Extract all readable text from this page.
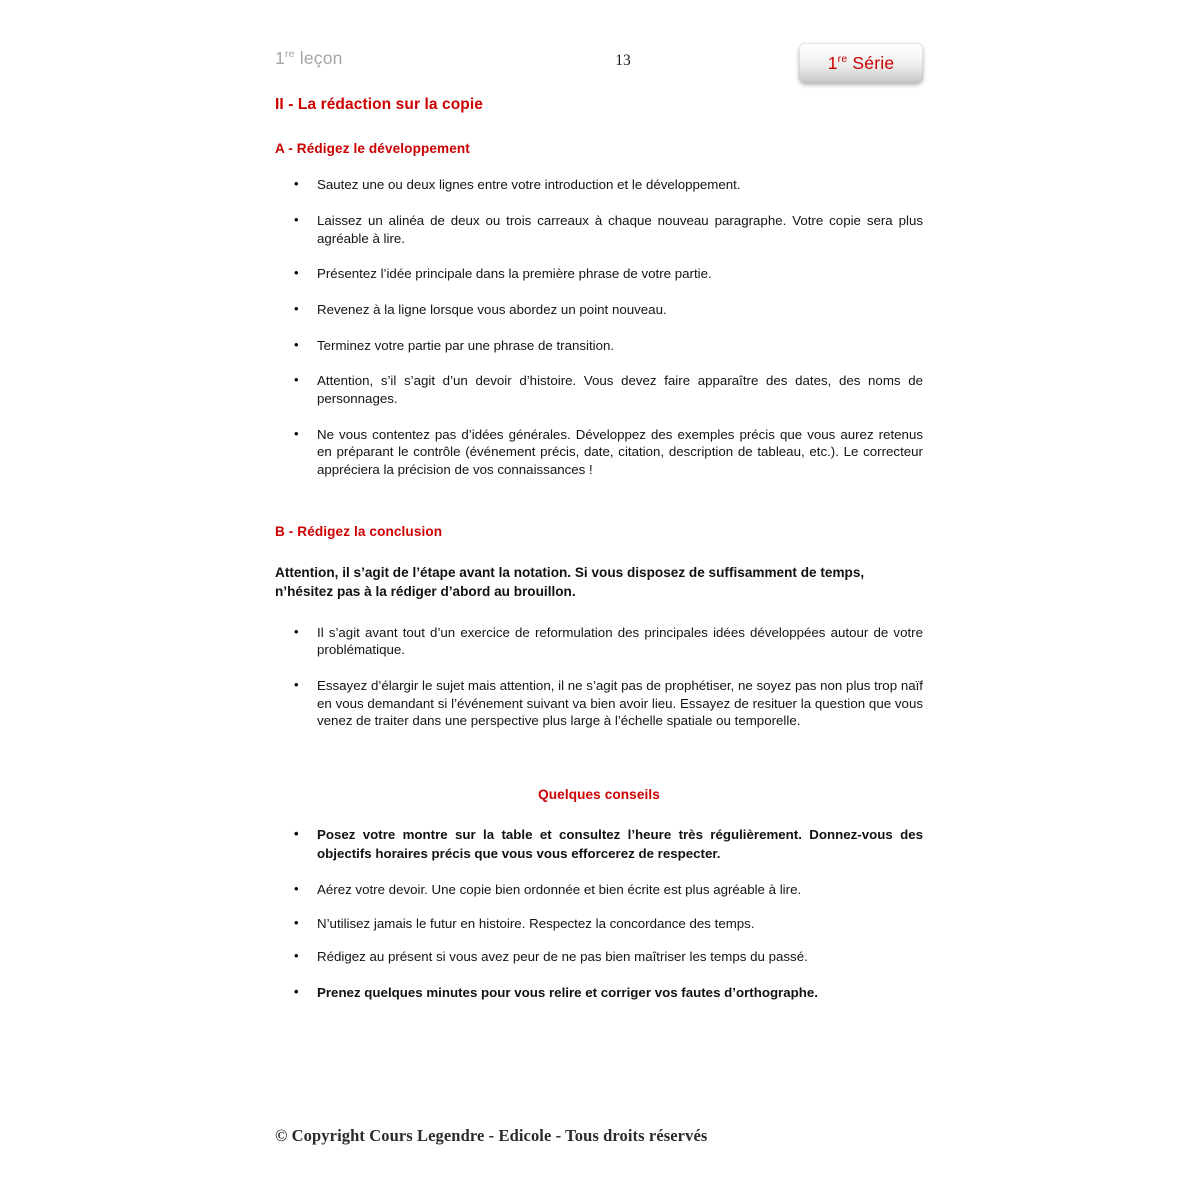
1re leçon	13	1re Série
II - La rédaction sur la copie
A - Rédigez le développement
• Sautez une ou deux lignes entre votre introduction et le développement.
• Laissez un alinéa de deux ou trois carreaux à chaque nouveau paragraphe. Votre copie sera plus agréable à lire.
• Présentez l’idée principale dans la première phrase de votre partie.
• Revenez à la ligne lorsque vous abordez un point nouveau.
• Terminez votre partie par une phrase de transition.
• Attention, s’il s’agit d’un devoir d’histoire. Vous devez faire apparaître des dates, des noms de personnages.
• Ne vous contentez pas d’idées générales. Développez des exemples précis que vous aurez retenus en préparant le contrôle (événement précis, date, citation, description de tableau, etc.). Le correcteur appréciera la précision de vos connaissances !
B - Rédigez la conclusion

Attention, il s’agit de l’étape avant la notation. Si vous disposez de suffisamment de temps, n’hésitez pas à la rédiger d’abord au brouillon.

• Il s’agit avant tout d’un exercice de reformulation des principales idées développées autour de votre problématique.
• Essayez d’élargir le sujet mais attention, il ne s’agit pas de prophétiser, ne soyez pas non plus trop naïf en vous demandant si l’événement suivant va bien avoir lieu. Essayez de resituer la question que vous venez de traiter dans une perspective plus large à l’échelle spatiale ou temporelle.
Quelques conseils
• Posez votre montre sur la table et consultez l’heure très régulièrement. Donnez-vous des objectifs horaires précis que vous vous efforcerez de respecter.
• Aérez votre devoir. Une copie bien ordonnée et bien écrite est plus agréable à lire.
• N’utilisez jamais le futur en histoire. Respectez la concordance des temps.
• Rédigez au présent si vous avez peur de ne pas bien maîtriser les temps du passé.
• Prenez quelques minutes pour vous relire et corriger vos fautes d’orthographe.
© Copyright Cours Legendre - Edicole - Tous droits réservés
